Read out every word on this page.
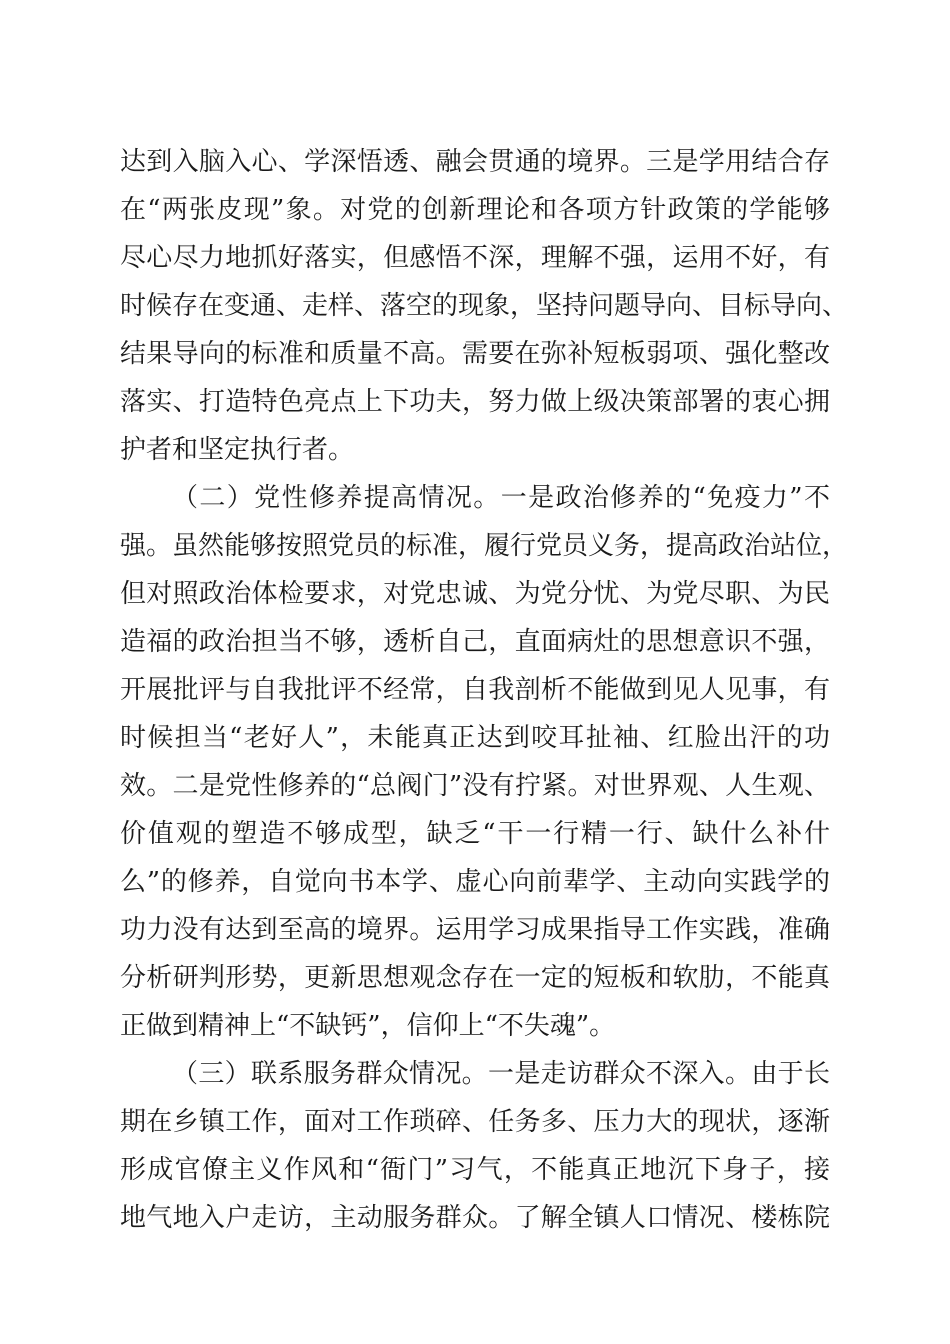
达到入脑入心、学深悟透、融会贯通的境界。三是学用结合存
在“两张皮现”象。对党的创新理论和各项方针政策的学能够
尽心尽力地抓好落实，但感悟不深，理解不强，运用不好，有
时候存在变通、走样、落空的现象，坚持问题导向、目标导向、
结果导向的标准和质量不高。需要在弥补短板弱项、强化整改
落实、打造特色亮点上下功夫，努力做上级决策部署的衷心拥
护者和坚定执行者。
（二）党性修养提高情况。一是政治修养的“免疫力”不
强。虽然能够按照党员的标准，履行党员义务，提高政治站位，
但对照政治体检要求，对党忠诚、为党分忧、为党尽职、为民
造福的政治担当不够，透析自己，直面病灶的思想意识不强，
开展批评与自我批评不经常，自我剖析不能做到见人见事，有
时候担当“老好人”，未能真正达到咬耳扯袖、红脸出汗的功
效。二是党性修养的“总阀门”没有拧紧。对世界观、人生观、
价值观的塑造不够成型，缺乏“干一行精一行、缺什么补什
么”的修养，自觉向书本学、虚心向前辈学、主动向实践学的
功力没有达到至高的境界。运用学习成果指导工作实践，准确
分析研判形势，更新思想观念存在一定的短板和软肋，不能真
正做到精神上“不缺钙”，信仰上“不失魂”。
（三）联系服务群众情况。一是走访群众不深入。由于长
期在乡镇工作，面对工作琐碎、任务多、压力大的现状，逐渐
形成官僚主义作风和“衙门”习气，不能真正地沉下身子，接
地气地入户走访，主动服务群众。了解全镇人口情况、楼栋院
